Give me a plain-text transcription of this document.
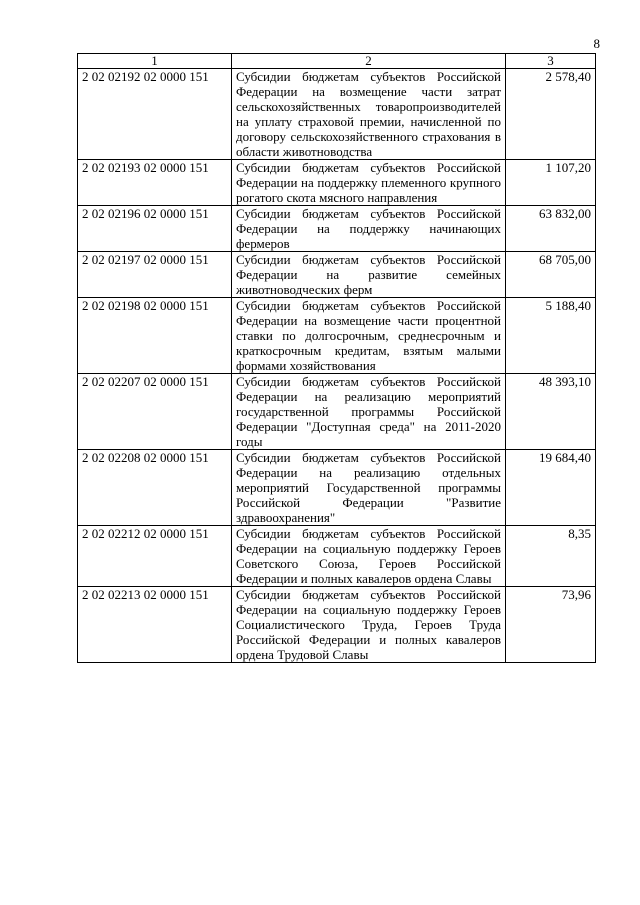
8
1	2	3
2 02 02192 02 0000 151	Субсидии бюджетам субъектов Российской Федерации на возмещение части затрат сельскохозяйственных товаропроизводителей на уплату страховой премии, начисленной по договору сельскохозяйственного страхования в области животноводства	2 578,40
2 02 02193 02 0000 151	Субсидии бюджетам субъектов Российской Федерации на поддержку племенного крупного рогатого скота мясного направления	1 107,20
2 02 02196 02 0000 151	Субсидии бюджетам субъектов Российской Федерации на поддержку начинающих фермеров	63 832,00
2 02 02197 02 0000 151	Субсидии бюджетам субъектов Российской Федерации на развитие семейных животноводческих ферм	68 705,00
2 02 02198 02 0000 151	Субсидии бюджетам субъектов Российской Федерации на возмещение части процентной ставки по долгосрочным, среднесрочным и краткосрочным кредитам, взятым малыми формами хозяйствования	5 188,40
2 02 02207 02 0000 151	Субсидии бюджетам субъектов Российской Федерации на реализацию мероприятий государственной программы Российской Федерации "Доступная среда" на 2011-2020 годы	48 393,10
2 02 02208 02 0000 151	Субсидии бюджетам субъектов Российской Федерации на реализацию отдельных мероприятий Государственной программы Российской Федерации "Развитие здравоохранения"	19 684,40
2 02 02212 02 0000 151	Субсидии бюджетам субъектов Российской Федерации на социальную поддержку Героев Советского Союза, Героев Российской Федерации и полных кавалеров ордена Славы	8,35
2 02 02213 02 0000 151	Субсидии бюджетам субъектов Российской Федерации на социальную поддержку Героев Социалистического Труда, Героев Труда Российской Федерации и полных кавалеров ордена Трудовой Славы	73,96
